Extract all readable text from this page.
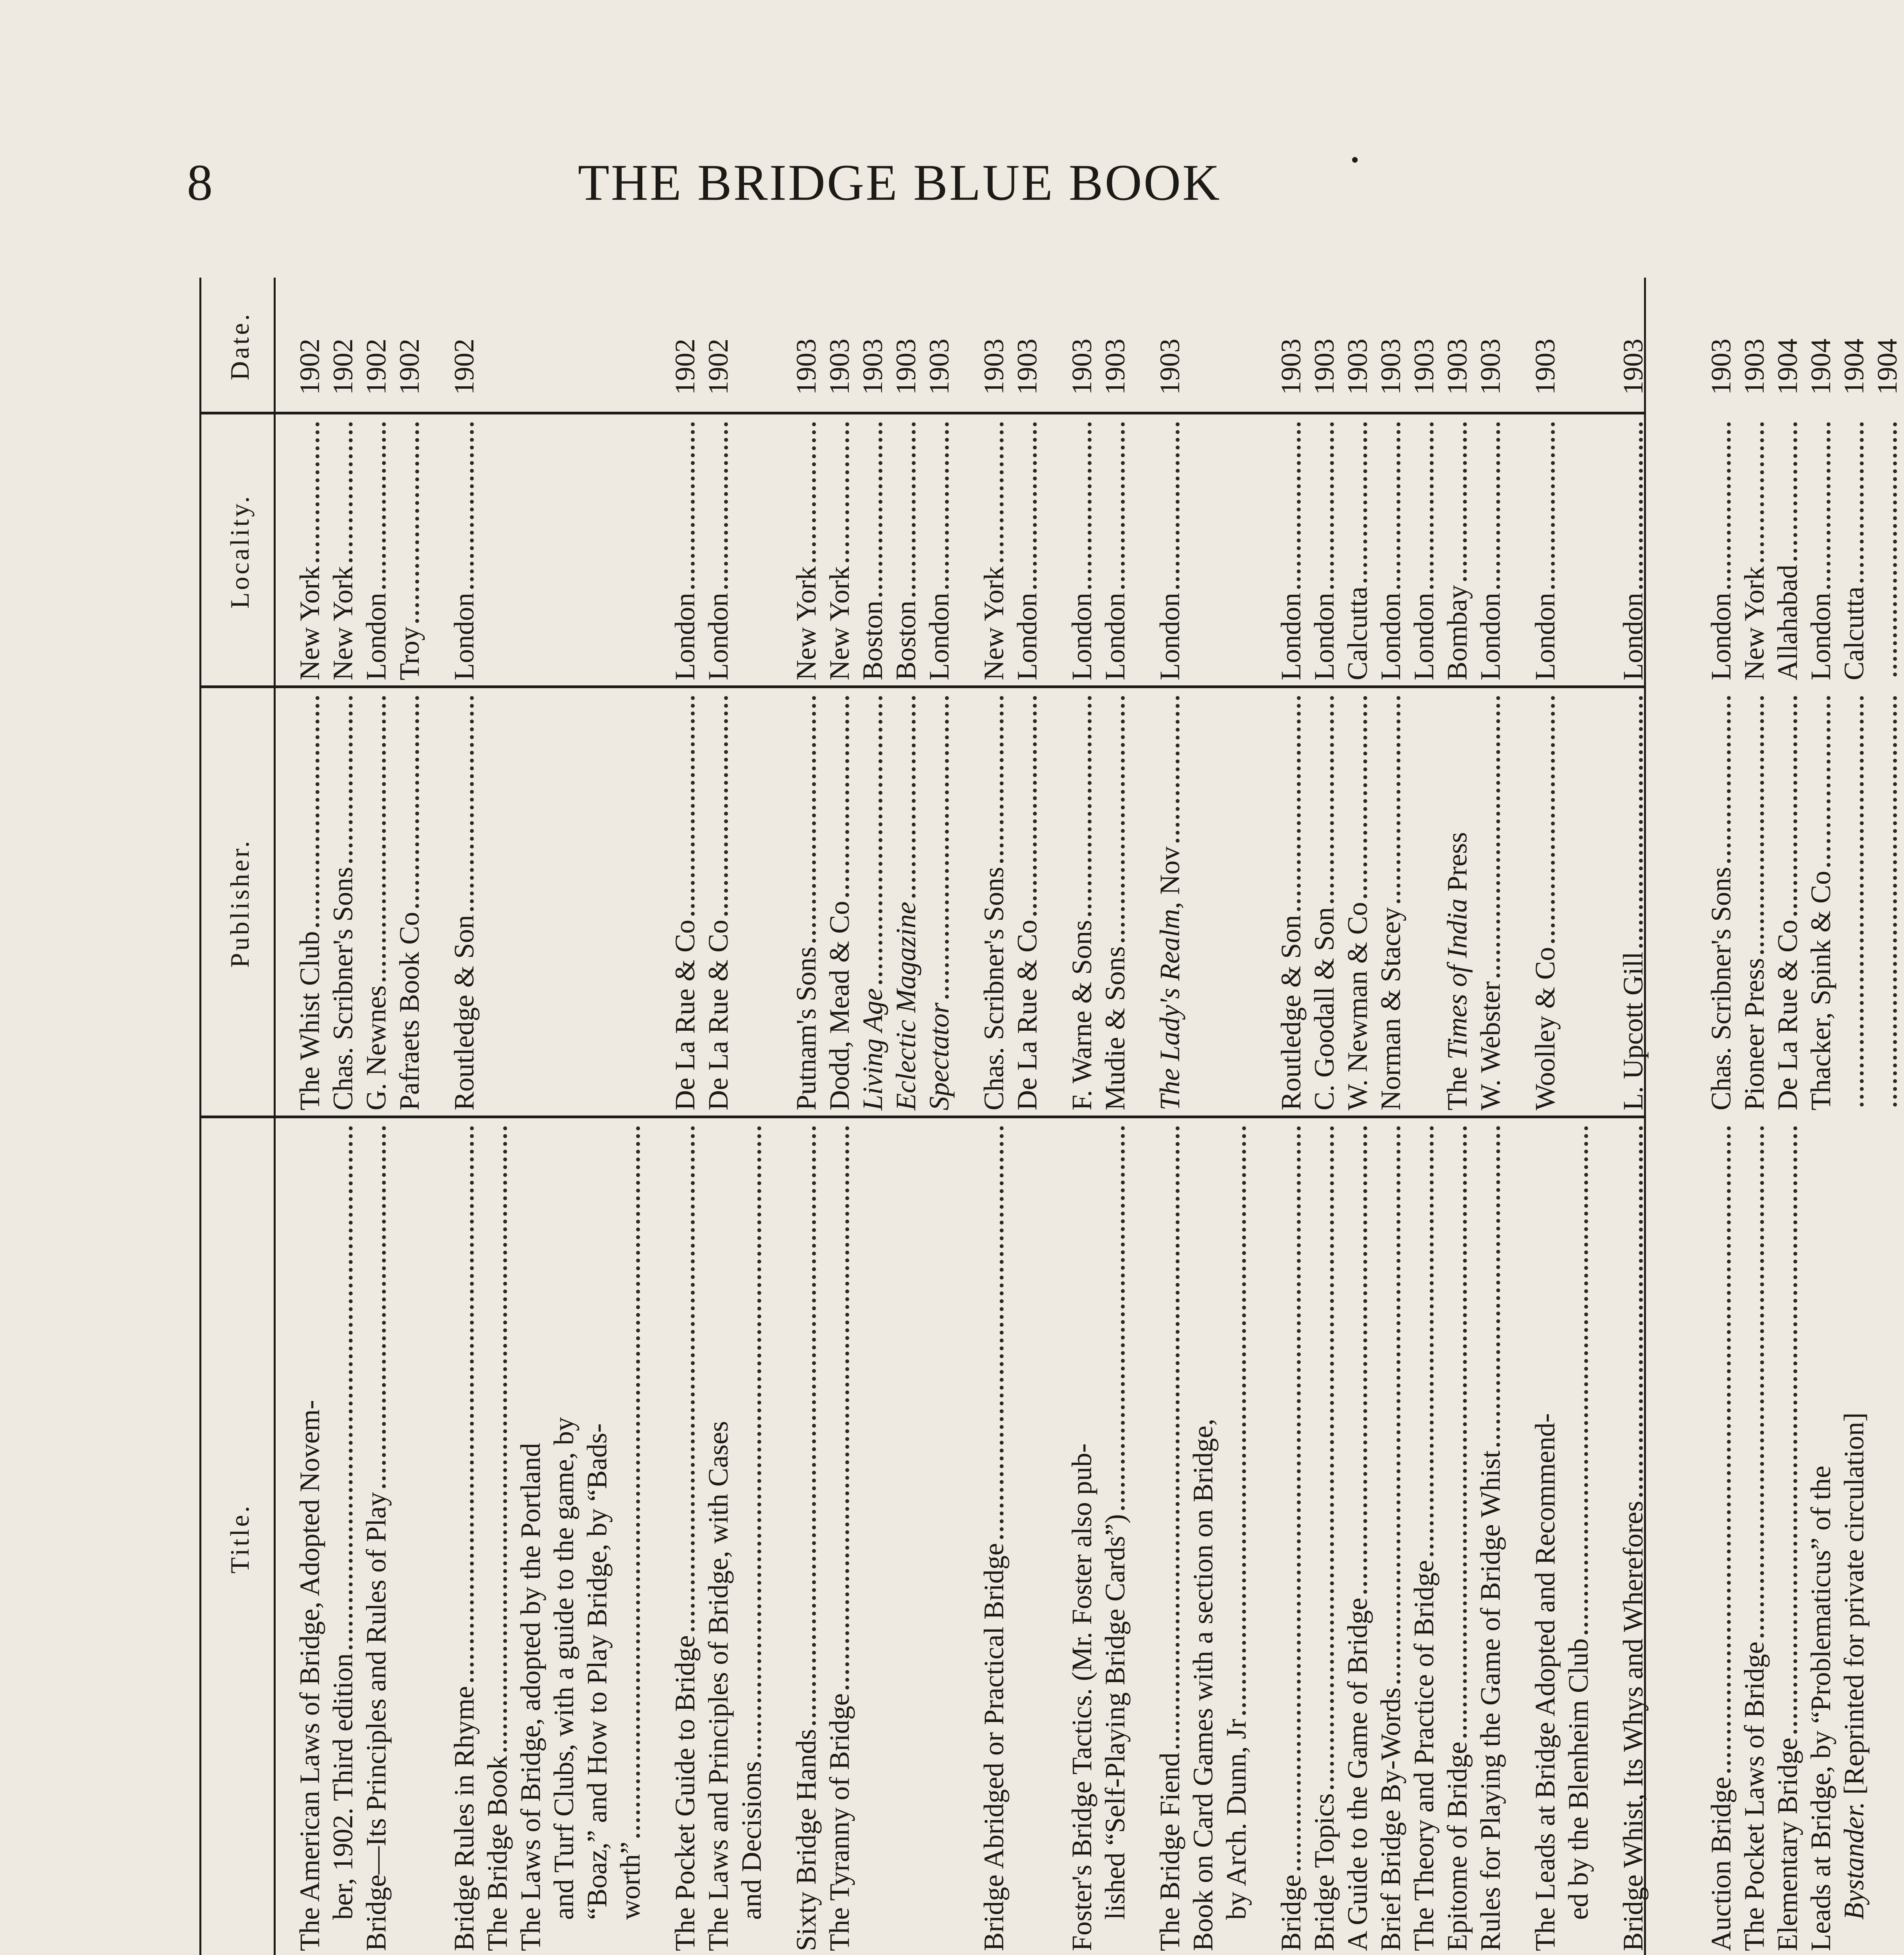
8	THE BRIDGE BLUE BOOK	•
Title.
Publisher.
Locality.
Date.
The American Laws of Bridge, Adopted Novem-
The Whist Club
New York
1902
ber, 1902. Third edition
Chas. Scribner's Sons
New York
1902
Bridge—Its Principles and Rules of Play
G. Newnes
London
1902
Pafraets Book Co
Troy
1902
Bridge Rules in Rhyme
Routledge & Son
London
1902
The Bridge Book The Laws of Bridge, adopted by the Portland and Turf Clubs, with a guide to the game, by “Boaz,” and How to Play Bridge, by “Bads- worth” The Pocket Guide to Bridge
De La Rue & Co
London
1902
The Laws and Principles of Bridge, with Cases
De La Rue & Co
London
1902
and Decisions Sixty Bridge Hands
Putnam's Sons
New York
1903
The Tyranny of Bridge
Dodd, Mead & Co
New York
1903
Living Age
Boston
1903
Eclectic Magazine
Boston
1903
Spectator
London
1903
Bridge Abridged or Practical Bridge
Chas. Scribner's Sons
New York
1903
De La Rue & Co
London
1903
Foster's Bridge Tactics. (Mr. Foster also pub-
F. Warne & Sons
London
1903
lished “Self-Playing Bridge Cards”)
Mudie & Sons
London
1903
The Bridge Fiend
The Lady's Realm, Nov
London
1903
Book on Card Games with a section on Bridge, by Arch. Dunn, Jr Bridge
Routledge & Son
London
1903
Bridge Topics
C. Goodall & Son
London
1903
A Guide to the Game of Bridge
W. Newman & Co
Calcutta
1903
Brief Bridge By-Words
Norman & Stacey
London
1903
The Theory and Practice of Bridge
London
1903
Epitome of Bridge
The Times of India Press
Bombay
1903
Rules for Playing the Game of Bridge Whist
W. Webster
London
1903
The Leads at Bridge Adopted and Recommend-
Woolley & Co
London
1903
ed by the Blenheim Club Bridge Whist, Its Whys and Wherefores
L. Upcott Gill
London
1903
Auction Bridge
Chas. Scribner's Sons
London
1903
The Pocket Laws of Bridge
Pioneer Press
New York
1903
Elementary Bridge
De La Rue & Co
Allahabad
1904
Leads at Bridge, by “Problematicus” of the
Thacker, Spink & Co
London
1904
Bystander. [Reprinted for private circulation]
Calcutta
1904 1904
